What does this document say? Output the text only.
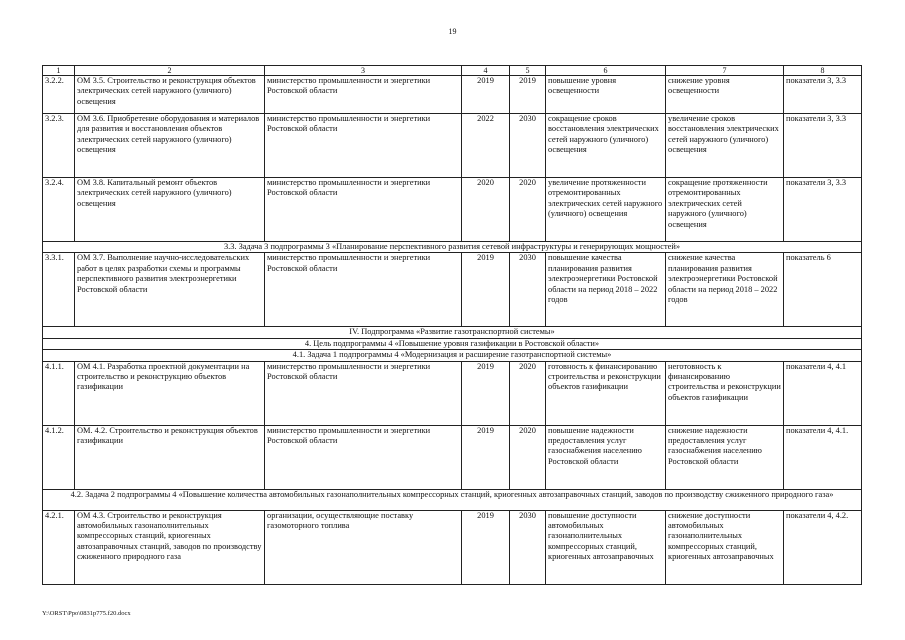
19
1	2	3	4	5	6	7	8
3.2.2.	ОМ 3.5. Строительство и реконструкция объектов электрических сетей наружного (уличного) освещения	министерство промышленности и энергетики Ростовской области	2019	2019	повышение уровня освещенности	снижение уровня освещенности	показатели 3, 3.3
3.2.3.	ОМ 3.6. Приобретение оборудования и материалов для развития и восстановления объектов электрических сетей наружного (уличного) освещения	министерство промышленности и энергетики Ростовской области	2022	2030	сокращение сроков восстановления электрических сетей наружного (уличного) освещения	увеличение сроков восстановления электрических сетей наружного (уличного) освещения	показатели 3, 3.3
3.2.4.	ОМ 3.8. Капитальный ремонт объектов электрических сетей наружного (уличного) освещения	министерство промышленности и энергетики Ростовской области	2020	2020	увеличение протяженности отремонтированных электрических сетей наружного (уличного) освещения	сокращение протяженности отремонтированных электрических сетей наружного (уличного) освещения	показатели 3, 3.3
3.3. Задача 3 подпрограммы 3 «Планирование перспективного развития сетевой инфраструктуры и генерирующих мощностей»							
3.3.1.	ОМ 3.7. Выполнение научно-исследовательских работ в целях разработки схемы и программы перспективного развития электроэнергетики Ростовской области	министерство промышленности и энергетики Ростовской области	2019	2030	повышение качества планирования развития электроэнергетики Ростовской области на период 2018 – 2022 годов	снижение качества планирования развития электроэнергетики Ростовской области на период 2018 – 2022 годов	показатель 6
IV. Подпрограмма «Развитие газотранспортной системы»							
4. Цель подпрограммы 4 «Повышение уровня газификации в Ростовской области»							
4.1. Задача 1 подпрограммы 4 «Модернизация и расширение газотранспортной системы»							
4.1.1.	ОМ 4.1. Разработка проектной документации на строительство и реконструкцию объектов газификации	министерство промышленности и энергетики Ростовской области	2019	2020	готовность к финансированию строительства и реконструкции объектов газификации	неготовность к финансированию строительства и реконструкции объектов газификации	показатели 4, 4.1
4.1.2.	ОМ. 4.2. Строительство и реконструкция объектов газификации	министерство промышленности и энергетики Ростовской области	2019	2020	повышение надежности предоставления услуг газоснабжения населению Ростовской области	снижение надежности предоставления услуг газоснабжения населению Ростовской области	показатели 4, 4.1.
4.2. Задача 2 подпрограммы 4 «Повышение количества автомобильных газонаполнительных компрессорных станций, криогенных автозаправочных станций, заводов по производству сжиженного природного газа»							
4.2.1.	ОМ 4.3. Строительство и реконструкция автомобильных газонаполнительных компрессорных станций, криогенных автозаправочных станций, заводов по производству сжиженного природного газа	организации, осуществляющие поставку газомоторного топлива	2019	2030	повышение доступности автомобильных газонаполнительных компрессорных станций, криогенных автозаправочных	снижение доступности автомобильных газонаполнительных компрессорных станций, криогенных автозаправочных	показатели 4, 4.2.
Y:\ORST\Ppo\0831p775.f20.docx
